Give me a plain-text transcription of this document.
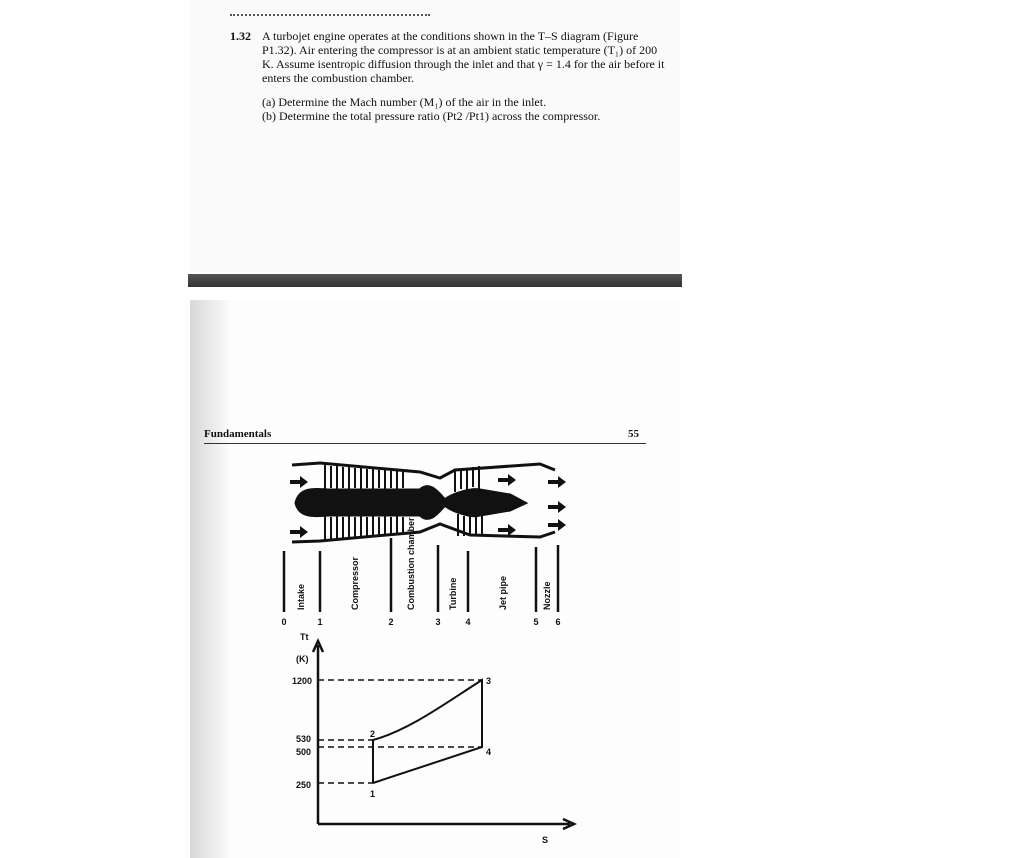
1.32 A turbojet engine operates at the conditions shown in the T–S diagram (Figure P1.32). Air entering the compressor is at an ambient static temperature (T₁) of 200 K. Assume isentropic diffusion through the inlet and that γ = 1.4 for the air before it enters the combustion chamber.
(a) Determine the Mach number (M₁) of the air in the inlet.
(b) Determine the total pressure ratio (Pt2 /Pt1) across the compressor.
Fundamentals	55
Intake	Compressor	Combustion chamber	Turbine	Jet pipe	Nozzle
0	1	2	3	4	5 6
Tt
(K)
1200
530
500
250
1
2
3
4
S
